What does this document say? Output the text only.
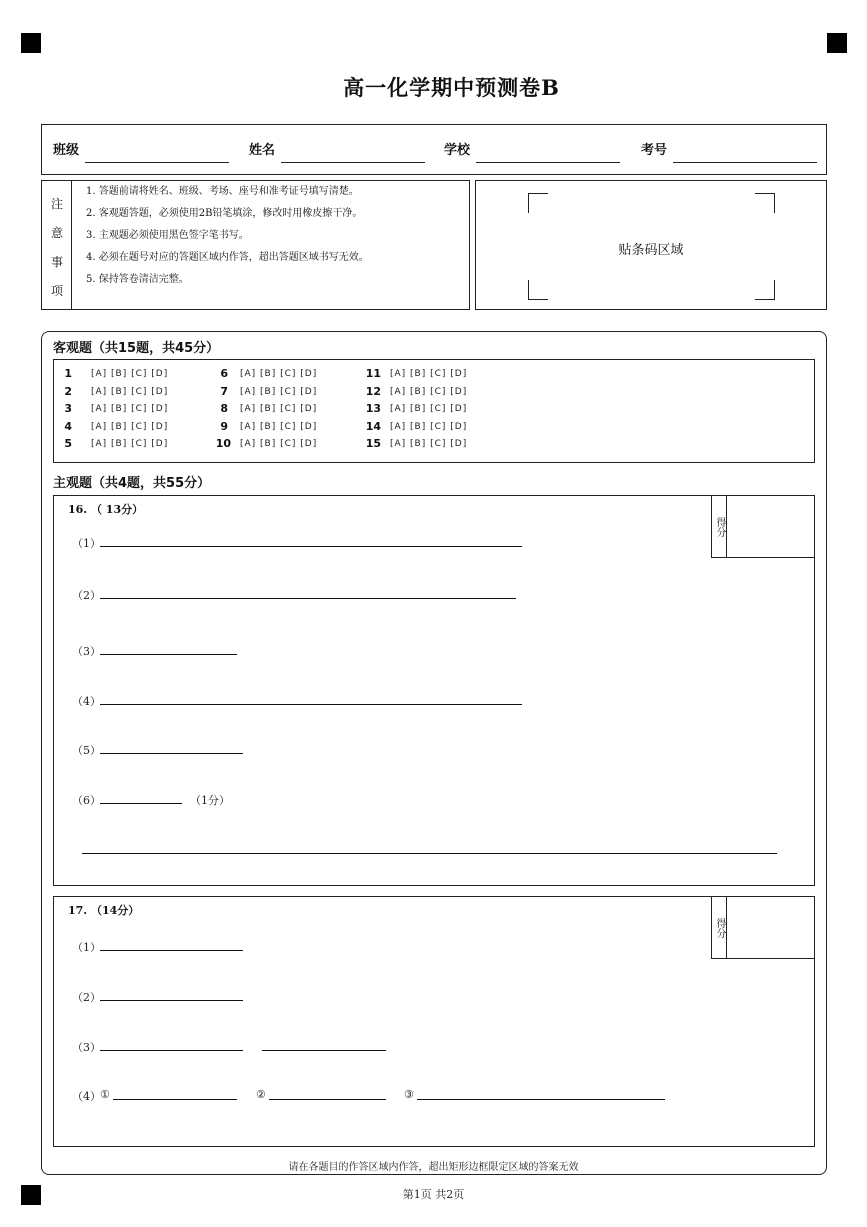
高一化学期中预测卷B
班级	姓名	学校	考号
注
意
事
项
1. 答题前请将姓名、班级、考场、座号和准考证号填写清楚。
2. 客观题答题，必须使用2B铅笔填涂，修改时用橡皮擦干净。
3. 主观题必须使用黑色签字笔书写。
4. 必须在题号对应的答题区域内作答，超出答题区域书写无效。
5. 保持答卷清洁完整。
贴条码区域
客观题（共15题，共45分）
1 [A] [B] [C] [D]
2 [A] [B] [C] [D]
3 [A] [B] [C] [D]
4 [A] [B] [C] [D]
5 [A] [B] [C] [D]
6 [A] [B] [C] [D]
7 [A] [B] [C] [D]
8 [A] [B] [C] [D]
9 [A] [B] [C] [D]
10 [A] [B] [C] [D]
11 [A] [B] [C] [D]
12 [A] [B] [C] [D]
13 [A] [B] [C] [D]
14 [A] [B] [C] [D]
15 [A] [B] [C] [D]
主观题（共4题，共55分）
16. （ 13分）
得分
（1）
（2）
（3）
（4）
（5）
（6）	（1分）
17. （14分）
得分
（1）
（2）
（3）
（4） ①	②	③
请在各题目的作答区域内作答，超出矩形边框限定区域的答案无效
第1页 共2页
